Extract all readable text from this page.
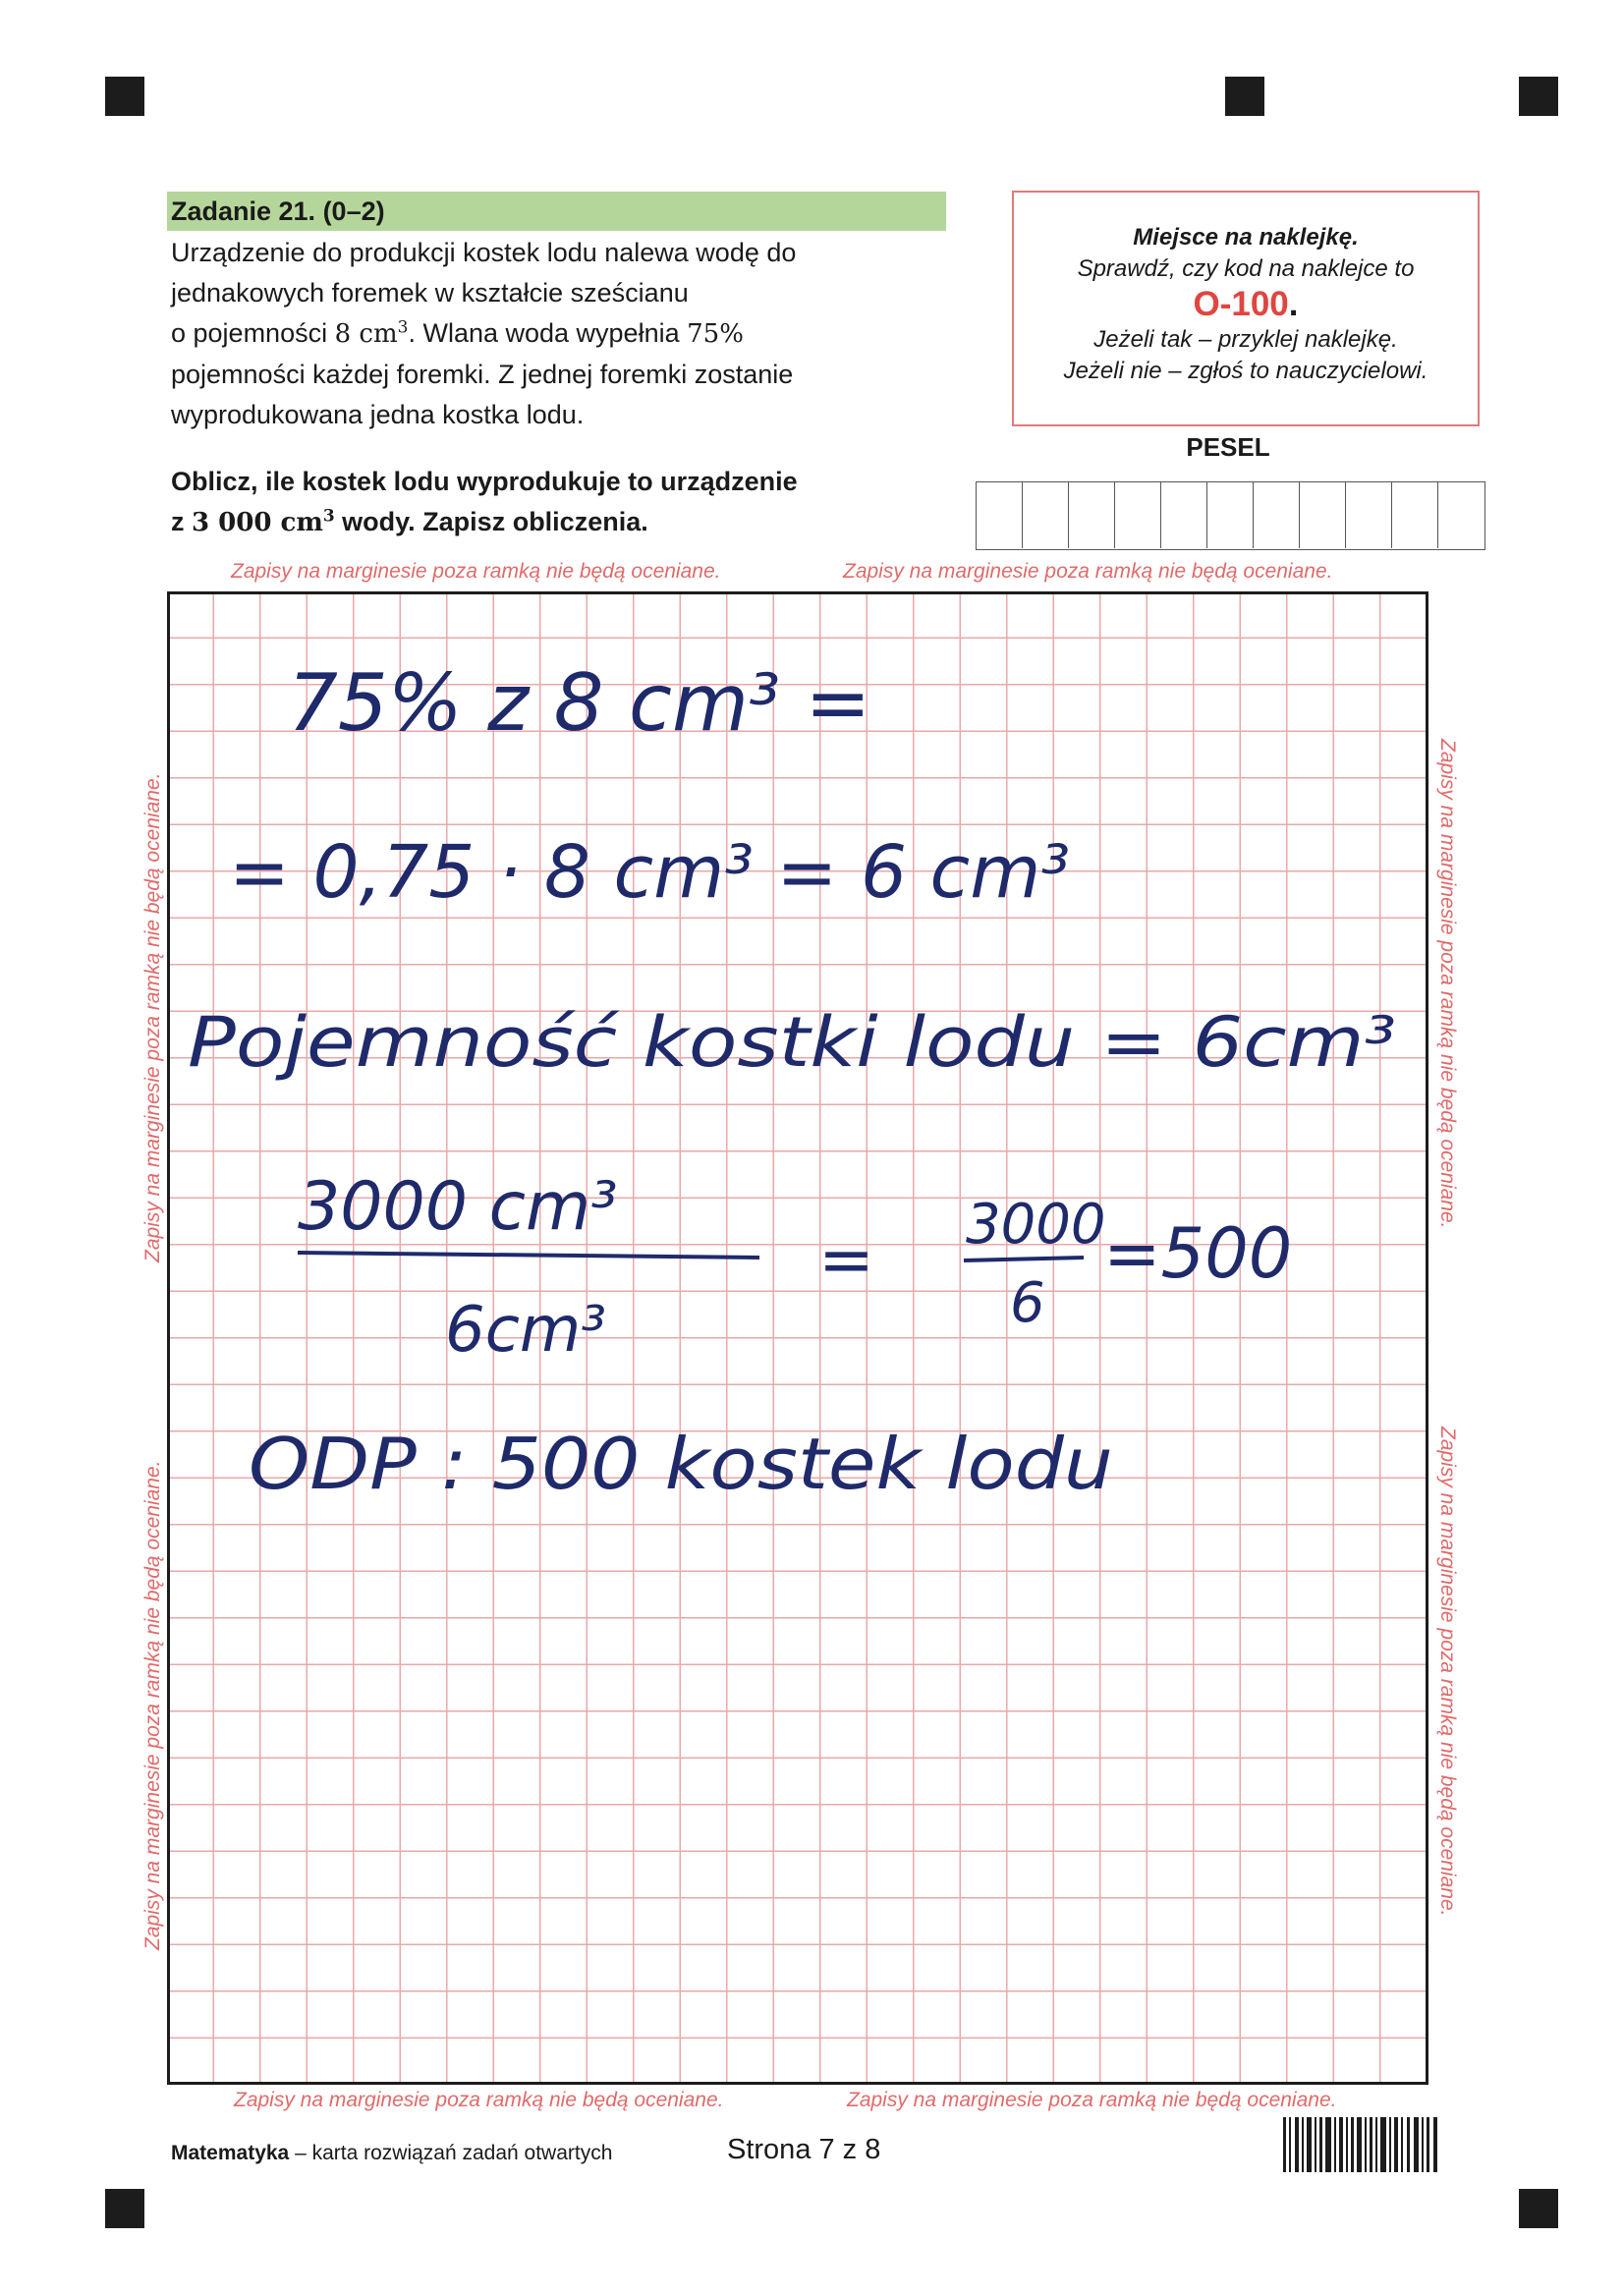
Zadanie 21. (0–2)
Urządzenie do produkcji kostek lodu nalewa wodę do
jednakowych foremek w kształcie sześcianu
o pojemności 8 $cm^3$. Wlana woda wypełnia 75%
pojemności każdej foremki. Z jednej foremki zostanie
wyprodukowana jedna kostka lodu.
Oblicz, ile kostek lodu wyprodukuje to urządzenie
z 3 000 $cm^3$ wody. Zapisz obliczenia.
Miejsce na naklejkę.
Sprawdź, czy kod na naklejce to
O-100.
Jeżeli tak – przyklej naklejkę.
Jeżeli nie – zgłoś to nauczycielowi.
PESEL
Zapisy na marginesie poza ramką nie będą oceniane.	Zapisy na marginesie poza ramką nie będą oceniane.
Zapisy na marginesie poza ramką nie będą oceniane.	Zapisy na marginesie poza ramką nie będą oceniane.
Zapisy na marginesie poza ramką nie będą oceniane.
Zapisy na marginesie poza ramką nie będą oceniane.
Zapisy na marginesie poza ramką nie będą oceniane.
Zapisy na marginesie poza ramką nie będą oceniane.
75% z 8 cm³ =
= 0,75 · 8 cm³ = 6 cm³
Pojemność kostki lodu = 6cm³
3000 cm³
6cm³
= 3000
6
=500
ODP : 500 kostek lodu
Matematyka – karta rozwiązań zadań otwartych	Strona 7 z 8
